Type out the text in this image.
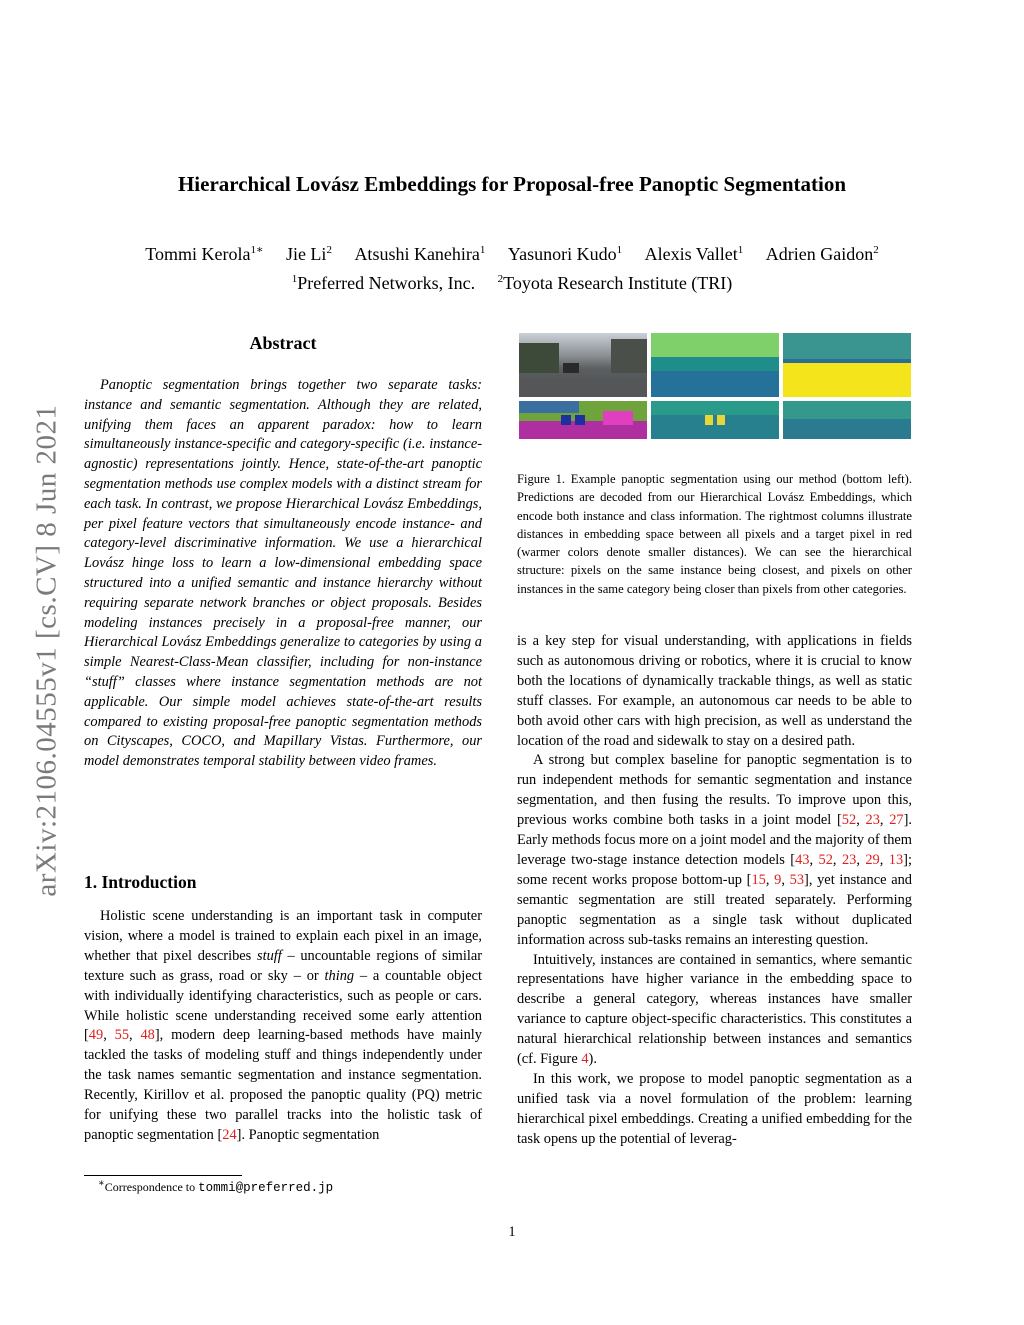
Hierarchical Lovász Embeddings for Proposal-free Panoptic Segmentation
Tommi Kerola$^{1∗}$ Jie Li$^2$ Atsushi Kanehira$^1$ Yasunori Kudo$^1$ Alexis Vallet$^1$ Adrien Gaidon$^2$
$^1$Preferred Networks, Inc. $^2$Toyota Research Institute (TRI)
arXiv:2106.04555v1 [cs.CV] 8 Jun 2021
Abstract
Panoptic segmentation brings together two separate tasks: instance and semantic segmentation. Although they are related, unifying them faces an apparent paradox: how to learn simultaneously instance-specific and category-specific (i.e. instance-agnostic) representations jointly. Hence, state-of-the-art panoptic segmentation methods use complex models with a distinct stream for each task. In contrast, we propose Hierarchical Lovász Embeddings, per pixel feature vectors that simultaneously encode instance- and category-level discriminative information. We use a hierarchical Lovász hinge loss to learn a low-dimensional embedding space structured into a unified semantic and instance hierarchy without requiring separate network branches or object proposals. Besides modeling instances precisely in a proposal-free manner, our Hierarchical Lovász Embeddings generalize to categories by using a simple Nearest-Class-Mean classifier, including for non-instance “stuff” classes where instance segmentation methods are not applicable. Our simple model achieves state-of-the-art results compared to existing proposal-free panoptic segmentation methods on Cityscapes, COCO, and Mapillary Vistas. Furthermore, our model demonstrates temporal stability between video frames.
1. Introduction

Holistic scene understanding is an important task in computer vision, where a model is trained to explain each pixel in an image, whether that pixel describes stuff – uncountable regions of similar texture such as grass, road or sky – or thing – a countable object with individually identifying characteristics, such as people or cars. While holistic scene understanding received some early attention [49, 55, 48], modern deep learning-based methods have mainly tackled the tasks of modeling stuff and things independently under the task names semantic segmentation and instance segmentation. Recently, Kirillov et al. proposed the panoptic quality (PQ) metric for unifying these two parallel tracks into the holistic task of panoptic segmentation [24]. Panoptic segmentation

∗Correspondence to tommi@preferred.jp
Figure 1. Example panoptic segmentation using our method (bottom left). Predictions are decoded from our Hierarchical Lovász Embeddings, which encode both instance and class information. The rightmost columns illustrate distances in embedding space between all pixels and a target pixel in red (warmer colors denote smaller distances). We can see the hierarchical structure: pixels on the same instance being closest, and pixels on other instances in the same category being closer than pixels from other categories.

is a key step for visual understanding, with applications in fields such as autonomous driving or robotics, where it is crucial to know both the locations of dynamically trackable things, as well as static stuff classes. For example, an autonomous car needs to be able to both avoid other cars with high precision, as well as understand the location of the road and sidewalk to stay on a desired path.

A strong but complex baseline for panoptic segmentation is to run independent methods for semantic segmentation and instance segmentation, and then fusing the results. To improve upon this, previous works combine both tasks in a joint model [52, 23, 27]. Early methods focus more on a joint model and the majority of them leverage two-stage instance detection models [43, 52, 23, 29, 13]; some recent works propose bottom-up [15, 9, 53], yet instance and semantic segmentation are still treated separately. Performing panoptic segmentation as a single task without duplicated information across sub-tasks remains an interesting question.

Intuitively, instances are contained in semantics, where semantic representations have higher variance in the embedding space to describe a general category, whereas instances have smaller variance to capture object-specific characteristics. This constitutes a natural hierarchical relationship between instances and semantics (cf. Figure 4).

In this work, we propose to model panoptic segmentation as a unified task via a novel formulation of the problem: learning hierarchical pixel embeddings. Creating a unified embedding for the task opens up the potential of leverag-

1
